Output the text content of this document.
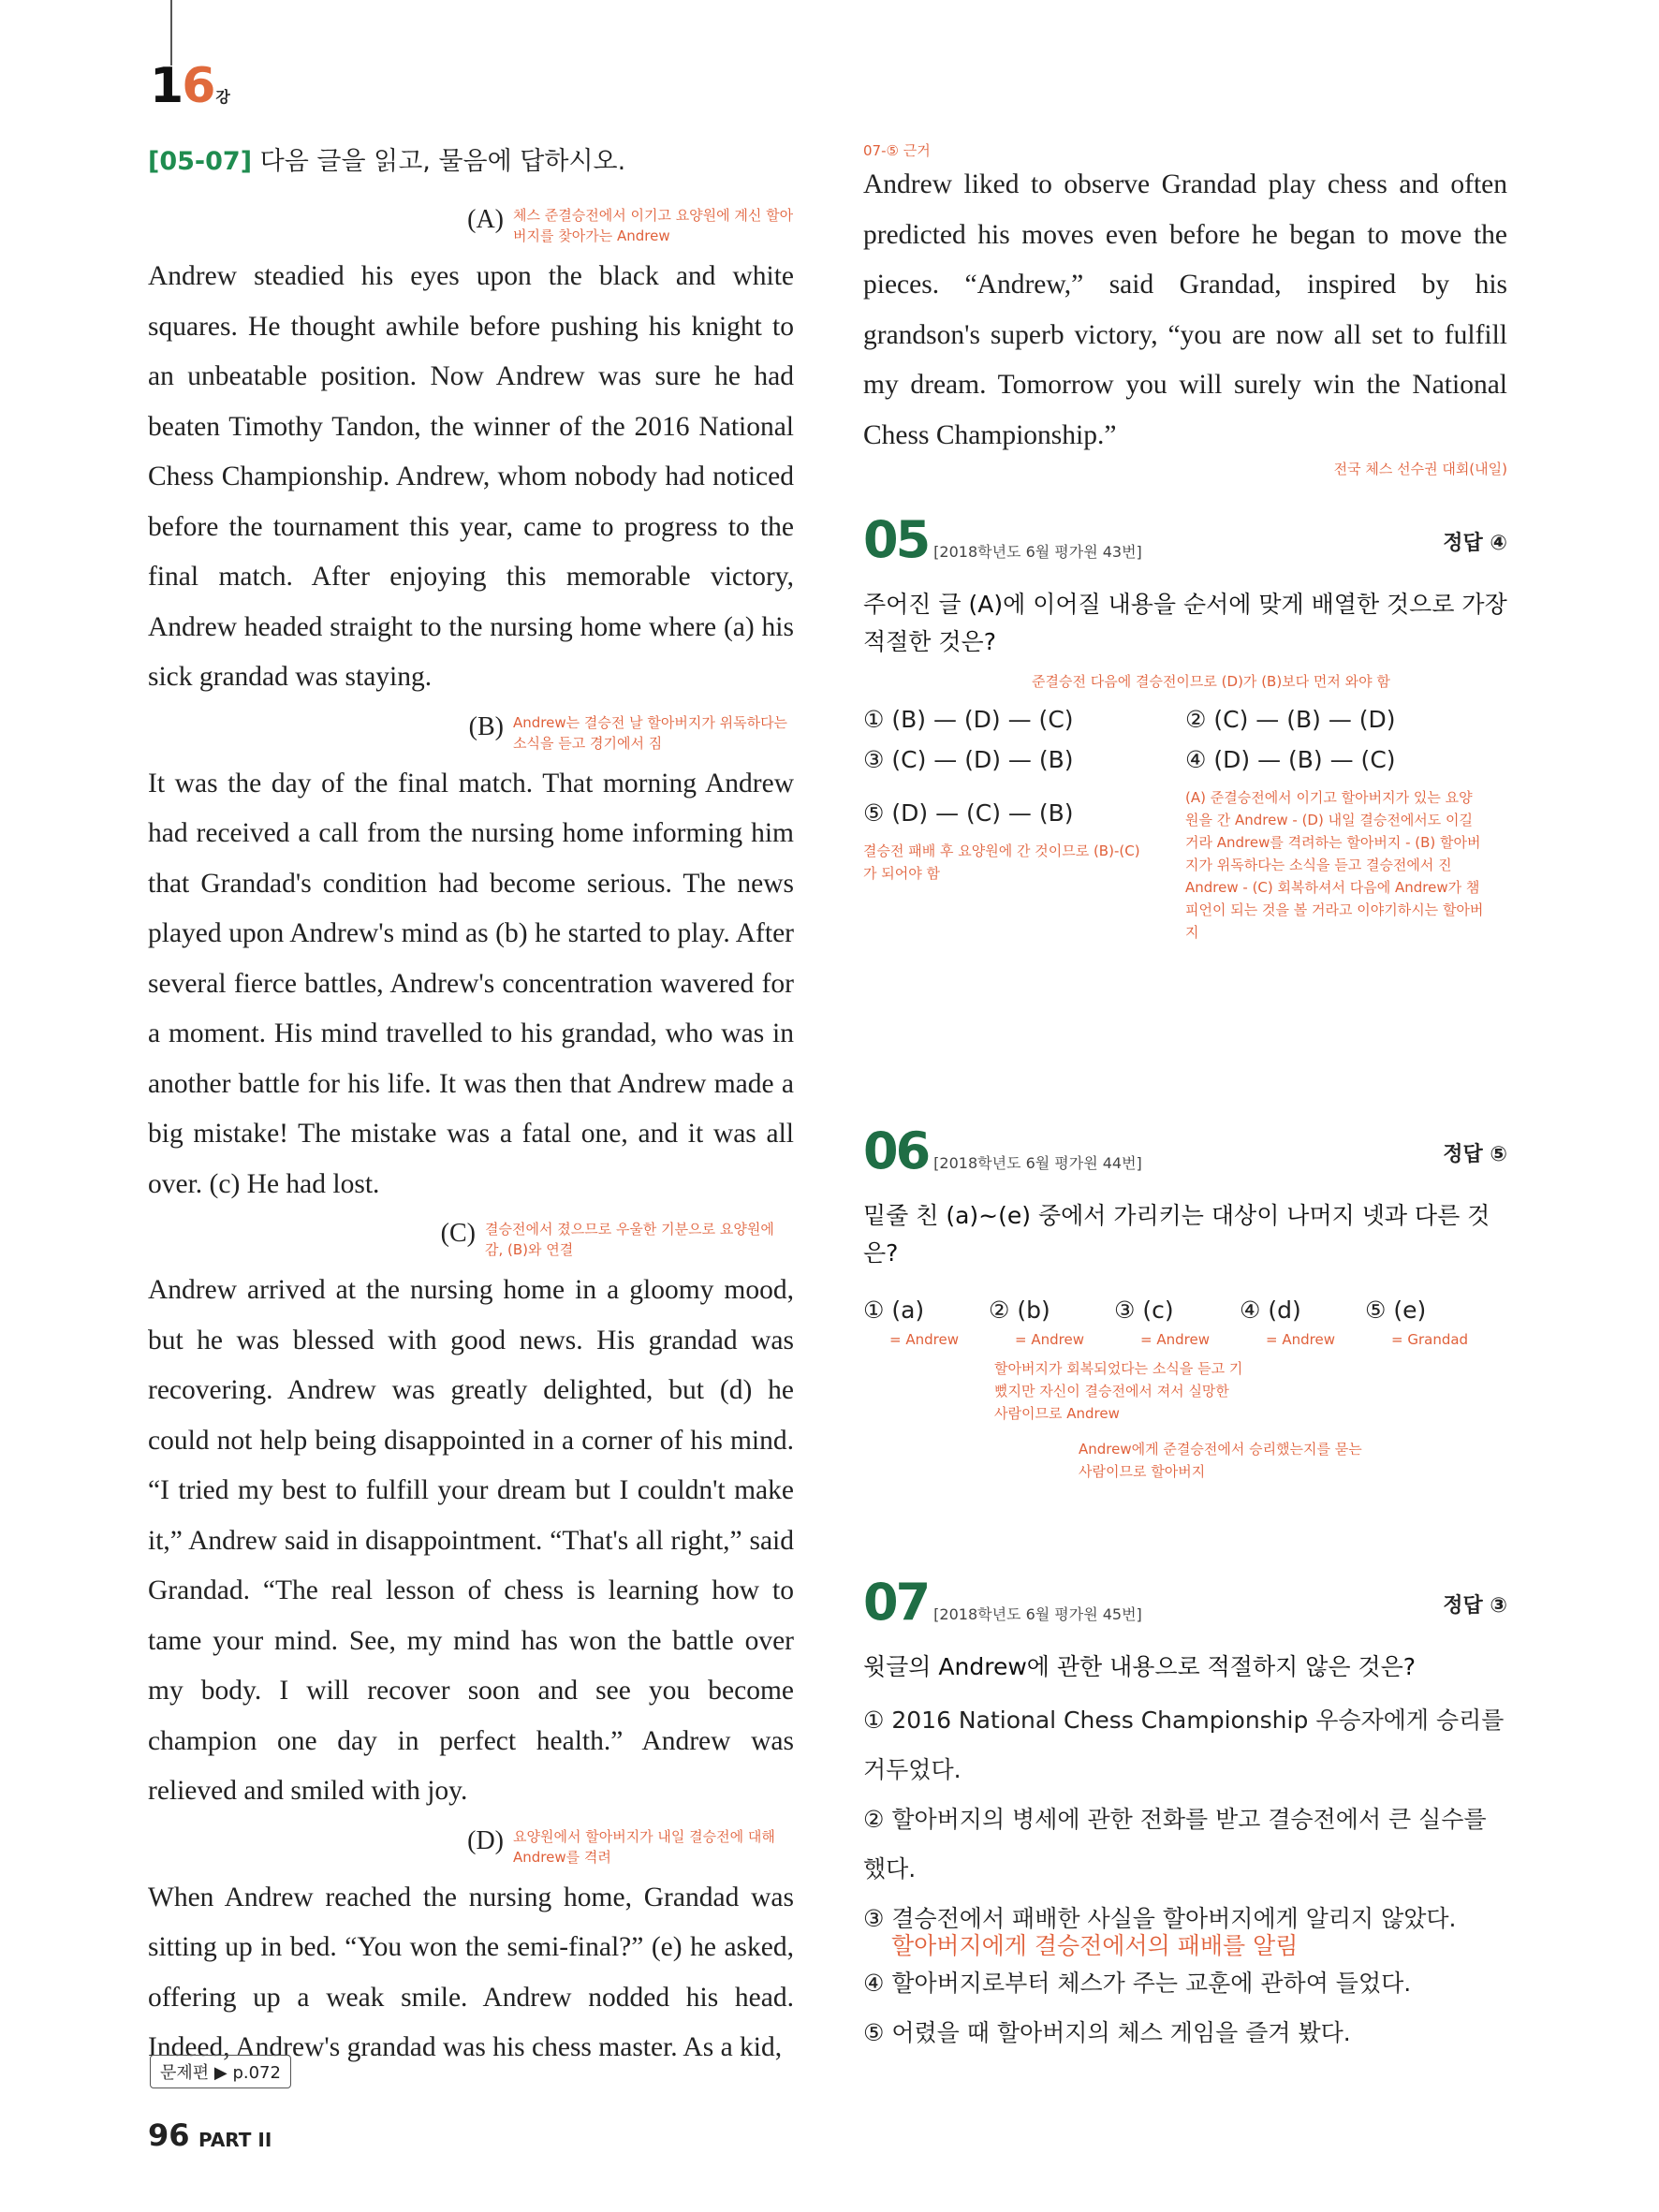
16 강
[05-07] 다음 글을 읽고, 물음에 답하시오.
(A) 체스 준결승전에서 이기고 요양원에 계신 할아버지를 찾아가는 Andrew

Andrew steadied his eyes upon the black and white squares. He thought awhile before pushing his knight to an unbeatable position. Now Andrew was sure he had beaten Timothy Tandon, the winner of the 2016 National Chess Championship. Andrew, whom nobody had noticed before the tournament this year, came to progress to the final match. After enjoying this memorable victory, Andrew headed straight to the nursing home where (a) his sick grandad was staying.

(B) Andrew는 결승전 날 할아버지가 위독하다는 소식을 듣고 경기에서 짐

It was the day of the final match. That morning Andrew had received a call from the nursing home informing him that Grandad's condition had become serious. The news played upon Andrew's mind as (b) he started to play. After several fierce battles, Andrew's concentration wavered for a moment. His mind travelled to his grandad, who was in another battle for his life. It was then that Andrew made a big mistake! The mistake was a fatal one, and it was all over. (c) He had lost.

(C) 결승전에서 졌으므로 우울한 기분으로 요양원에 감, (B)와 연결

Andrew arrived at the nursing home in a gloomy mood, but he was blessed with good news. His grandad was recovering. Andrew was greatly delighted, but (d) he could not help being disappointed in a corner of his mind. “I tried my best to fulfill your dream but I couldn't make it,” Andrew said in disappointment. “That's all right,” said Grandad. “The real lesson of chess is learning how to tame your mind. See, my mind has won the battle over my body. I will recover soon and see you become champion one day in perfect health.” Andrew was relieved and smiled with joy.

(D) 요양원에서 할아버지가 내일 결승전에 대해 Andrew를 격려

When Andrew reached the nursing home, Grandad was sitting up in bed. “You won the semi-final?” (e) he asked, offering up a weak smile. Andrew nodded his head. Indeed, Andrew's grandad was his chess master. As a kid,

07-⑤ 근거

Andrew liked to observe Grandad play chess and often predicted his moves even before he began to move the pieces. “Andrew,” said Grandad, inspired by his grandson's superb victory, “you are now all set to fulfill my dream. Tomorrow you will surely win the National Chess Championship.”

전국 체스 선수권 대회(내일)
05 [2018학년도 6월 평가원 43번]	정답 ④
주어진 글 (A)에 이어질 내용을 순서에 맞게 배열한 것으로 가장 적절한 것은?
준결승전 다음에 결승전이므로 (D)가 (B)보다 먼저 와야 함
① (B) — (D) — (C)	② (C) — (B) — (D)
③ (C) — (D) — (B)	④ (D) — (B) — (C)
⑤ (D) — (C) — (B)
결승전 패배 후 요양원에 간 것이므로 (B)-(C)가 되어야 함
(A) 준결승전에서 이기고 할아버지가 있는 요양원을 간 Andrew - (D) 내일 결승전에서도 이길 거라 Andrew를 격려하는 할아버지 - (B) 할아버지가 위독하다는 소식을 듣고 결승전에서 진 Andrew - (C) 회복하셔서 다음에 Andrew가 챔피언이 되는 것을 볼 거라고 이야기하시는 할아버지
06 [2018학년도 6월 평가원 44번]	정답 ⑤
밑줄 친 (a)~(e) 중에서 가리키는 대상이 나머지 넷과 다른 것은?
① (a)
= Andrew
② (b)
= Andrew
③ (c)
= Andrew
④ (d)
= Andrew
⑤ (e)
= Grandad
할아버지가 회복되었다는 소식을 듣고 기뻤지만 자신이 결승전에서 져서 실망한 사람이므로 Andrew
Andrew에게 준결승전에서 승리했는지를 묻는 사람이므로 할아버지
07 [2018학년도 6월 평가원 45번]	정답 ③
윗글의 Andrew에 관한 내용으로 적절하지 않은 것은?
① 2016 National Chess Championship 우승자에게 승리를 거두었다.
② 할아버지의 병세에 관한 전화를 받고 결승전에서 큰 실수를 했다.
③ 결승전에서 패배한 사실을 할아버지에게 알리지 않았다.
할아버지에게 결승전에서의 패배를 알림
④ 할아버지로부터 체스가 주는 교훈에 관하여 들었다.
⑤ 어렸을 때 할아버지의 체스 게임을 즐겨 봤다.
문제편 ▶ p.072
96 PART II
